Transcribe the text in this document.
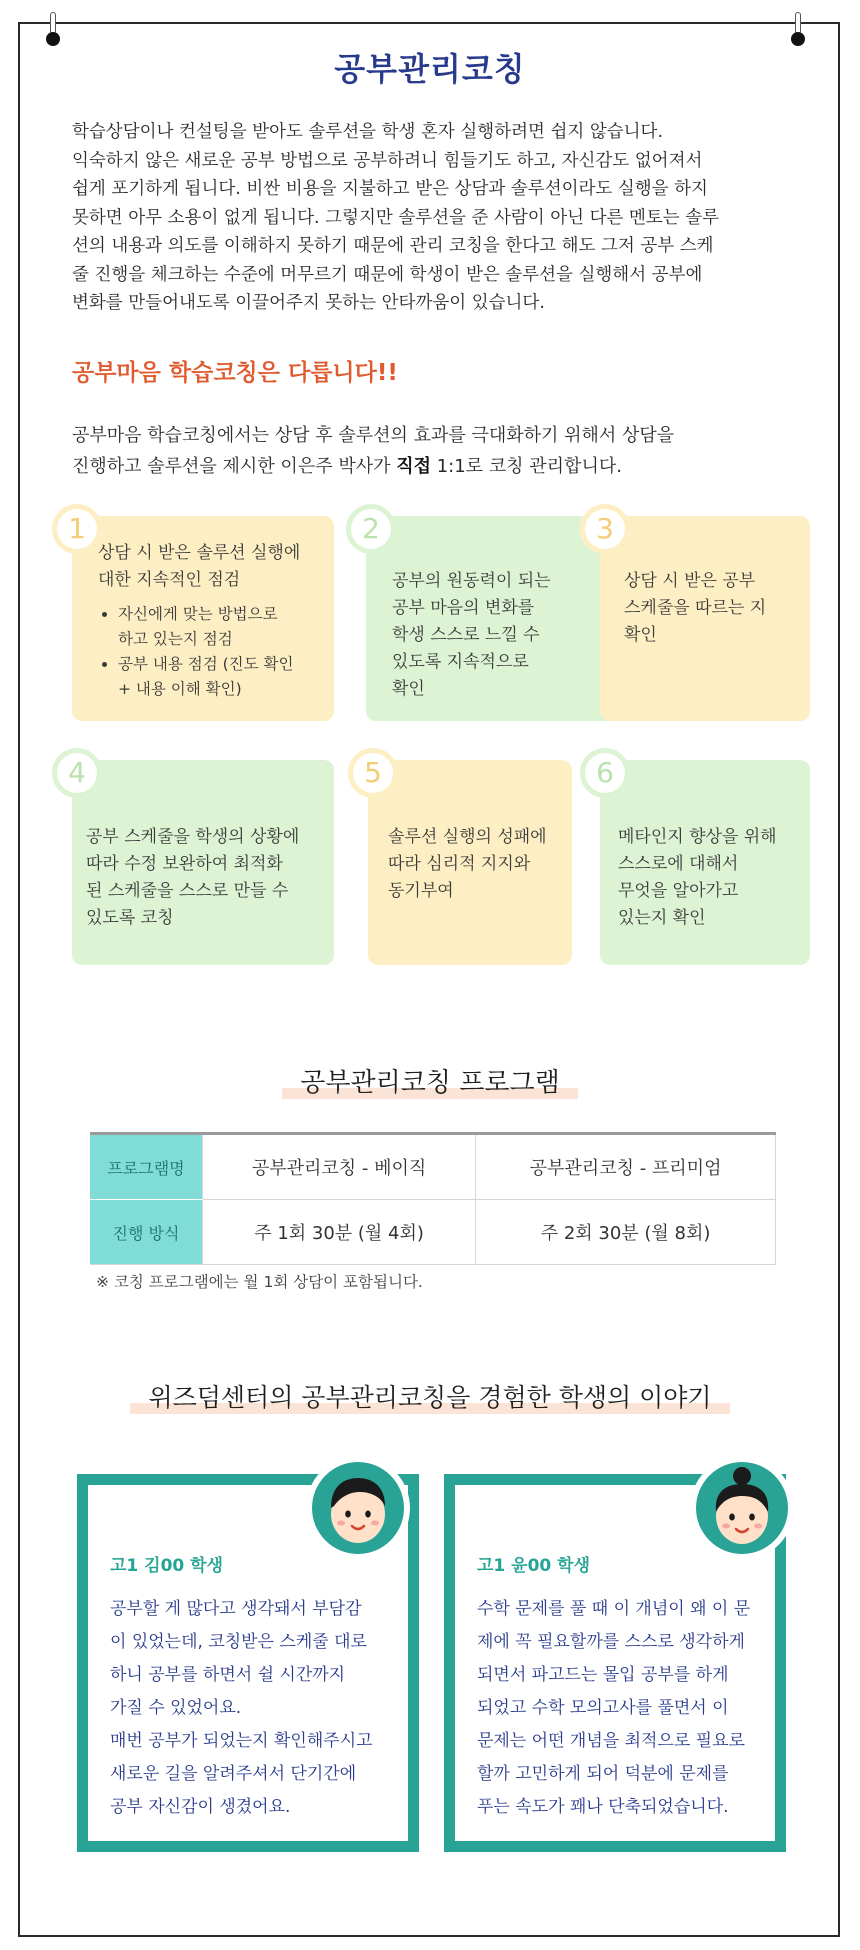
공부관리코칭

학습상담이나 컨설팅을 받아도 솔루션을 학생 혼자 실행하려면 쉽지 않습니다.
익숙하지 않은 새로운 공부 방법으로 공부하려니 힘들기도 하고, 자신감도 없어져서
쉽게 포기하게 됩니다. 비싼 비용을 지불하고 받은 상담과 솔루션이라도 실행을 하지
못하면 아무 소용이 없게 됩니다. 그렇지만 솔루션을 준 사람이 아닌 다른 멘토는 솔루
션의 내용과 의도를 이해하지 못하기 때문에 관리 코칭을 한다고 해도 그저 공부 스케
줄 진행을 체크하는 수준에 머무르기 때문에 학생이 받은 솔루션을 실행해서 공부에
변화를 만들어내도록 이끌어주지 못하는 안타까움이 있습니다.

공부마음 학습코칭은 다릅니다!!

공부마음 학습코칭에서는 상담 후 솔루션의 효과를 극대화하기 위해서 상담을
진행하고 솔루션을 제시한 이은주 박사가 직접 1:1로 코칭 관리합니다.

상담 시 받은 솔루션 실행에
대한 지속적인 점검
• 자신에게 맞는 방법으로
하고 있는지 점검
• 공부 내용 점검 (진도 확인
+ 내용 이해 확인)
1
공부의 원동력이 되는
공부 마음의 변화를
학생 스스로 느낄 수
있도록 지속적으로
확인
2
상담 시 받은 공부
스케줄을 따르는 지
확인
3
공부 스케줄을 학생의 상황에
따라 수정 보완하여 최적화
된 스케줄을 스스로 만들 수
있도록 코칭
4
솔루션 실행의 성패에
따라 심리적 지지와
동기부여
5
메타인지 향상을 위해
스스로에 대해서
무엇을 알아가고
있는지 확인
6
공부관리코칭 프로그램
프로그램명	공부관리코칭 - 베이직	공부관리코칭 - 프리미엄
진행 방식	주 1회 30분 (월 4회)	주 2회 30분 (월 8회)
※ 코칭 프로그램에는 월 1회 상담이 포함됩니다.
위즈덤센터의 공부관리코칭을 경험한 학생의 이야기
고1 김00 학생
공부할 게 많다고 생각돼서 부담감
이 있었는데, 코칭받은 스케줄 대로
하니 공부를 하면서 쉴 시간까지
가질 수 있었어요.
매번 공부가 되었는지 확인해주시고
새로운 길을 알려주셔서 단기간에
공부 자신감이 생겼어요.
고1 윤00 학생
수학 문제를 풀 때 이 개념이 왜 이 문
제에 꼭 필요할까를 스스로 생각하게
되면서 파고드는 몰입 공부를 하게
되었고 수학 모의고사를 풀면서 이
문제는 어떤 개념을 최적으로 필요로
할까 고민하게 되어 덕분에 문제를
푸는 속도가 꽤나 단축되었습니다.
